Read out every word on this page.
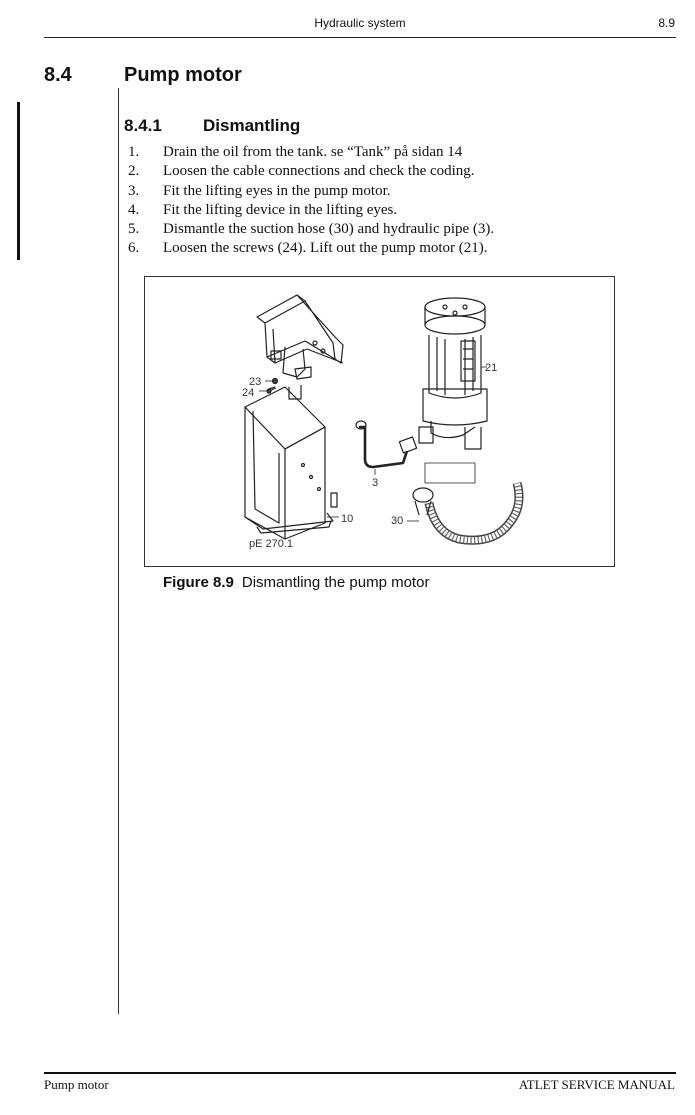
Hydraulic system	8.9
8.4	Pump motor
8.4.1 Dismantling
1. Drain the oil from the tank. se “Tank” på sidan 14
2. Loosen the cable connections and check the coding.
3. Fit the lifting eyes in the pump motor.
4. Fit the lifting device in the lifting eyes.
5. Dismantle the suction hose (30) and hydraulic pipe (3).
6. Loosen the screws (24). Lift out the pump motor (21).
23
24
21
3
10	30
pE 270.1
Figure 8.9 Dismantling the pump motor
Pump motor	ATLET SERVICE MANUAL
